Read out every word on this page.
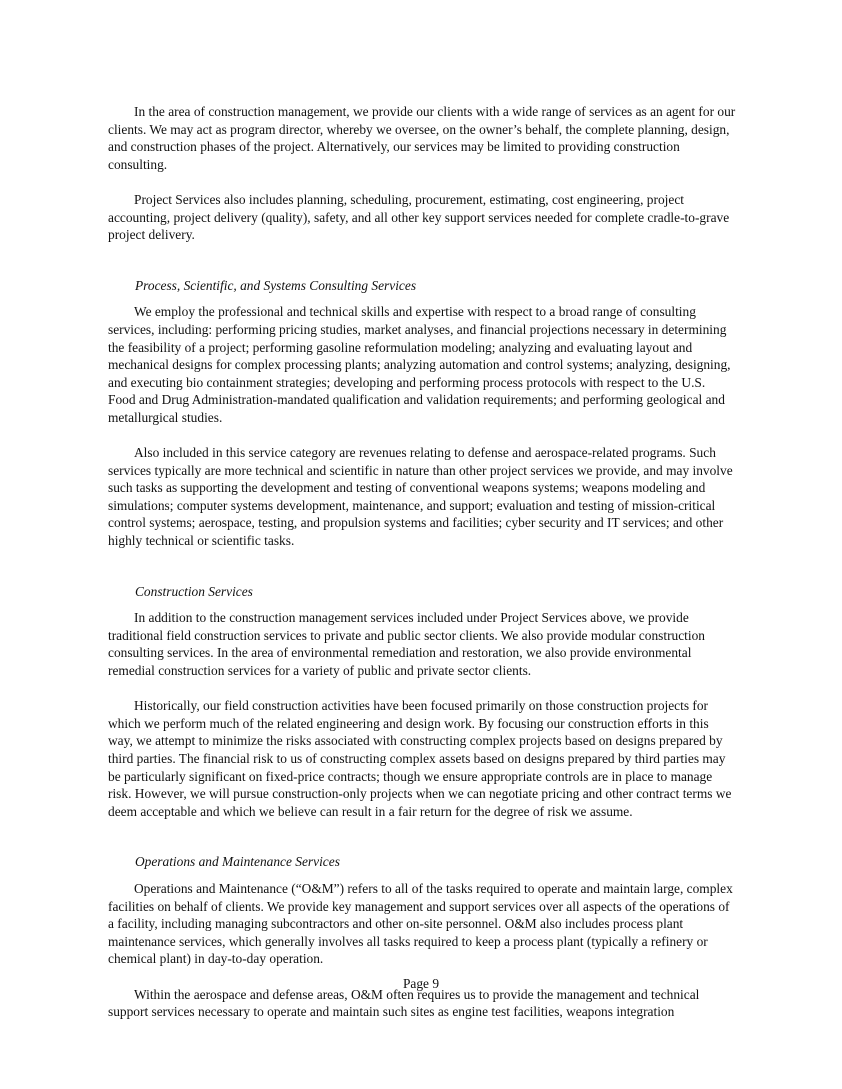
In the area of construction management, we provide our clients with a wide range of services as an agent for our clients. We may act as program director, whereby we oversee, on the owner’s behalf, the complete planning, design, and construction phases of the project. Alternatively, our services may be limited to providing construction consulting.

Project Services also includes planning, scheduling, procurement, estimating, cost engineering, project accounting, project delivery (quality), safety, and all other key support services needed for complete cradle-to-grave project delivery.

Process, Scientific, and Systems Consulting Services

We employ the professional and technical skills and expertise with respect to a broad range of consulting services, including: performing pricing studies, market analyses, and financial projections necessary in determining the feasibility of a project; performing gasoline reformulation modeling; analyzing and evaluating layout and mechanical designs for complex processing plants; analyzing automation and control systems; analyzing, designing, and executing bio containment strategies; developing and performing process protocols with respect to the U.S. Food and Drug Administration-mandated qualification and validation requirements; and performing geological and metallurgical studies.

Also included in this service category are revenues relating to defense and aerospace-related programs. Such services typically are more technical and scientific in nature than other project services we provide, and may involve such tasks as supporting the development and testing of conventional weapons systems; weapons modeling and simulations; computer systems development, maintenance, and support; evaluation and testing of mission-critical control systems; aerospace, testing, and propulsion systems and facilities; cyber security and IT services; and other highly technical or scientific tasks.

Construction Services

In addition to the construction management services included under Project Services above, we provide traditional field construction services to private and public sector clients. We also provide modular construction consulting services. In the area of environmental remediation and restoration, we also provide environmental remedial construction services for a variety of public and private sector clients.

Historically, our field construction activities have been focused primarily on those construction projects for which we perform much of the related engineering and design work. By focusing our construction efforts in this way, we attempt to minimize the risks associated with constructing complex projects based on designs prepared by third parties. The financial risk to us of constructing complex assets based on designs prepared by third parties may be particularly significant on fixed-price contracts; though we ensure appropriate controls are in place to manage risk. However, we will pursue construction-only projects when we can negotiate pricing and other contract terms we deem acceptable and which we believe can result in a fair return for the degree of risk we assume.

Operations and Maintenance Services

Operations and Maintenance (“O&M”) refers to all of the tasks required to operate and maintain large, complex facilities on behalf of clients. We provide key management and support services over all aspects of the operations of a facility, including managing subcontractors and other on-site personnel. O&M also includes process plant maintenance services, which generally involves all tasks required to keep a process plant (typically a refinery or chemical plant) in day-to-day operation.

Within the aerospace and defense areas, O&M often requires us to provide the management and technical support services necessary to operate and maintain such sites as engine test facilities, weapons integration

Page 9
